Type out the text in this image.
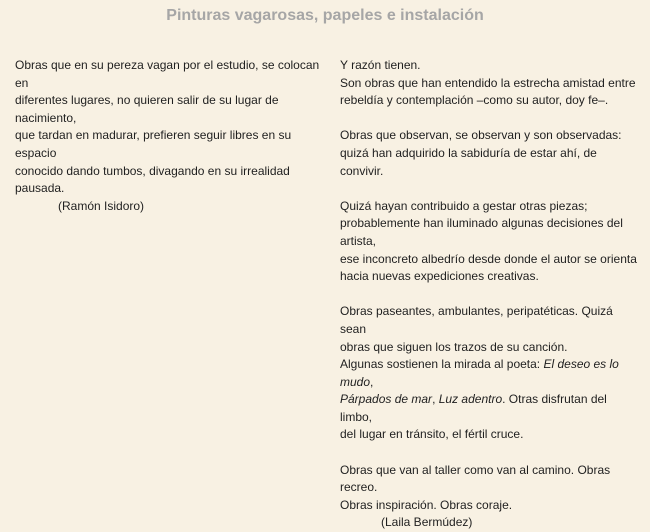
Pinturas vagarosas, papeles e instalación
Obras que en su pereza vagan por el estudio, se colocan en
diferentes lugares, no quieren salir de su lugar de nacimiento,
que tardan en madurar, prefieren seguir libres en su espacio
conocido dando tumbos, divagando en su irrealidad
pausada.
(Ramón Isidoro)

Y razón tienen.
Son obras que han entendido la estrecha amistad entre
rebeldía y contemplación –como su autor, doy fe–.

Obras que observan, se observan y son observadas:
quizá han adquirido la sabiduría de estar ahí, de convivir.

Quizá hayan contribuido a gestar otras piezas;
probablemente han iluminado algunas decisiones del artista,
ese inconcreto albedrío desde donde el autor se orienta
hacia nuevas expediciones creativas.

Obras paseantes, ambulantes, peripatéticas. Quizá sean
obras que siguen los trazos de su canción.
Algunas sostienen la mirada al poeta: El deseo es lo mudo,
Párpados de mar, Luz adentro. Otras disfrutan del limbo,
del lugar en tránsito, el fértil cruce.

Obras que van al taller como van al camino. Obras recreo.
Obras inspiración. Obras coraje.
(Laila Bermúdez)
